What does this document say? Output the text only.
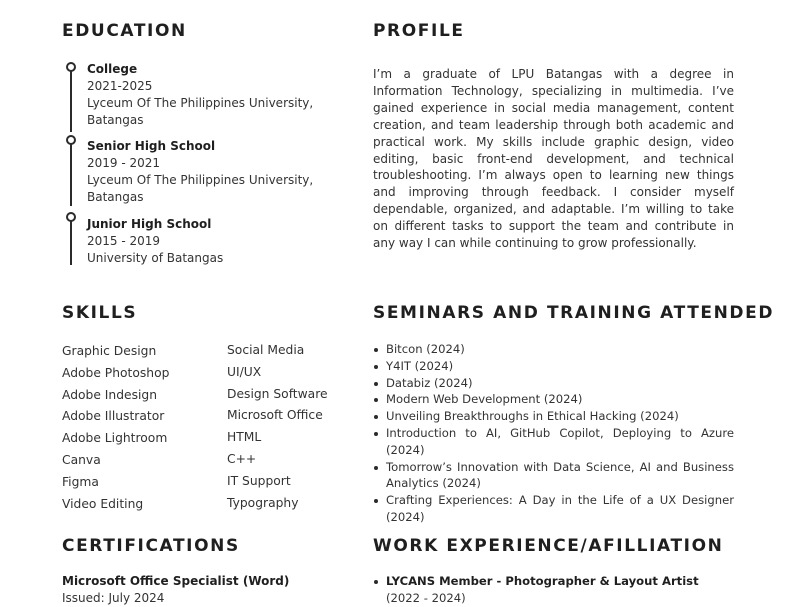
EDUCATION
College
2021-2025
Lyceum Of The Philippines University,
Batangas
Senior High School
2019 - 2021
Lyceum Of The Philippines University,
Batangas
Junior High School
2015 - 2019
University of Batangas
PROFILE

I’m a graduate of LPU Batangas with a degree in Information Technology, specializing in multimedia. I’ve gained experience in social media management, content creation, and team leadership through both academic and practical work. My skills include graphic design, video editing, basic front-end development, and technical troubleshooting. I’m always open to learning new things and improving through feedback. I consider myself dependable, organized, and adaptable. I’m willing to take on different tasks to support the team and contribute in any way I can while continuing to grow professionally.

SKILLS
Graphic Design
Adobe Photoshop
Adobe Indesign
Adobe Illustrator
Adobe Lightroom
Canva
Figma
Video Editing
Social Media
UI/UX
Design Software
Microsoft Office
HTML
C++
IT Support
Typography
SEMINARS AND TRAINING ATTENDED
Bitcon (2024)
Y4IT (2024)
Databiz (2024)
Modern Web Development (2024)
Unveiling Breakthroughs in Ethical Hacking (2024)
Introduction to AI, GitHub Copilot, Deploying to Azure (2024)
Tomorrow’s Innovation with Data Science, AI and Business Analytics (2024)
Crafting Experiences: A Day in the Life of a UX Designer (2024)
CERTIFICATIONS
Microsoft Office Specialist (Word)
Issued: July 2024
WORK EXPERIENCE/AFILLIATION
LYCANS Member - Photographer & Layout Artist
(2022 - 2024)
